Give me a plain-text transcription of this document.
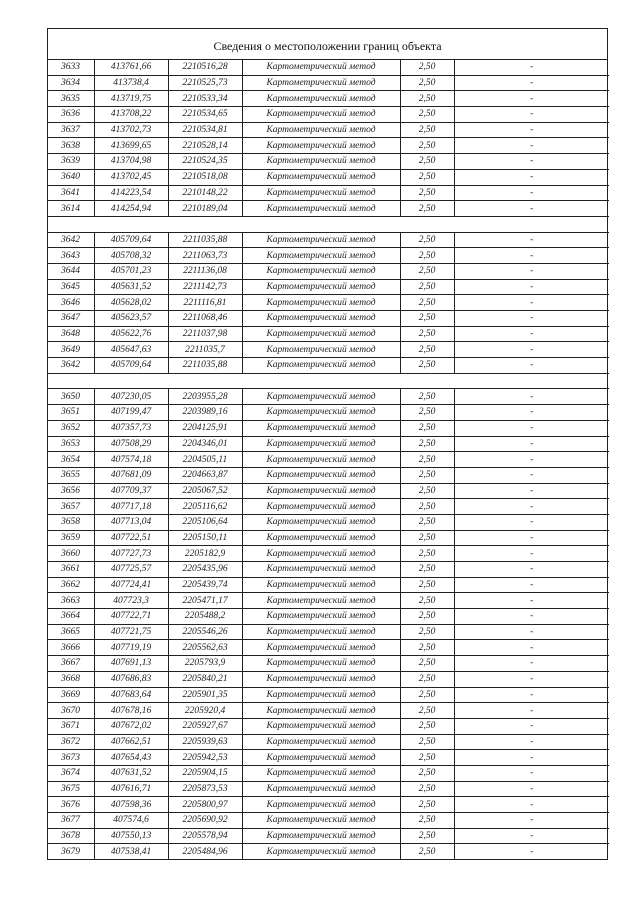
Сведения о местоположении границ объекта
3633	413761,66	2210516,28	Картометрический метод	2,50	-
3634	413738,4	2210525,73	Картометрический метод	2,50	-
3635	413719,75	2210533,34	Картометрический метод	2,50	-
3636	413708,22	2210534,65	Картометрический метод	2,50	-
3637	413702,73	2210534,81	Картометрический метод	2,50	-
3638	413699,65	2210528,14	Картометрический метод	2,50	-
3639	413704,98	2210524,35	Картометрический метод	2,50	-
3640	413702,45	2210518,08	Картометрический метод	2,50	-
3641	414223,54	2210148,22	Картометрический метод	2,50	-
3614	414254,94	2210189,04	Картометрический метод	2,50	-

3642	405709,64	2211035,88	Картометрический метод	2,50	-
3643	405708,32	2211063,73	Картометрический метод	2,50	-
3644	405701,23	2211136,08	Картометрический метод	2,50	-
3645	405631,52	2211142,73	Картометрический метод	2,50	-
3646	405628,02	2211116,81	Картометрический метод	2,50	-
3647	405623,57	2211068,46	Картометрический метод	2,50	-
3648	405622,76	2211037,98	Картометрический метод	2,50	-
3649	405647,63	2211035,7	Картометрический метод	2,50	-
3642	405709,64	2211035,88	Картометрический метод	2,50	-

3650	407230,05	2203955,28	Картометрический метод	2,50	-
3651	407199,47	2203989,16	Картометрический метод	2,50	-
3652	407357,73	2204125,91	Картометрический метод	2,50	-
3653	407508,29	2204346,01	Картометрический метод	2,50	-
3654	407574,18	2204505,11	Картометрический метод	2,50	-
3655	407681,09	2204663,87	Картометрический метод	2,50	-
3656	407709,37	2205067,52	Картометрический метод	2,50	-
3657	407717,18	2205116,62	Картометрический метод	2,50	-
3658	407713,04	2205106,64	Картометрический метод	2,50	-
3659	407722,51	2205150,11	Картометрический метод	2,50	-
3660	407727,73	2205182,9	Картометрический метод	2,50	-
3661	407725,57	2205435,96	Картометрический метод	2,50	-
3662	407724,41	2205439,74	Картометрический метод	2,50	-
3663	407723,3	2205471,17	Картометрический метод	2,50	-
3664	407722,71	2205488,2	Картометрический метод	2,50	-
3665	407721,75	2205546,26	Картометрический метод	2,50	-
3666	407719,19	2205562,63	Картометрический метод	2,50	-
3667	407691,13	2205793,9	Картометрический метод	2,50	-
3668	407686,83	2205840,21	Картометрический метод	2,50	-
3669	407683,64	2205901,35	Картометрический метод	2,50	-
3670	407678,16	2205920,4	Картометрический метод	2,50	-
3671	407672,02	2205927,67	Картометрический метод	2,50	-
3672	407662,51	2205939,63	Картометрический метод	2,50	-
3673	407654,43	2205942,53	Картометрический метод	2,50	-
3674	407631,52	2205904,15	Картометрический метод	2,50	-
3675	407616,71	2205873,53	Картометрический метод	2,50	-
3676	407598,36	2205800,97	Картометрический метод	2,50	-
3677	407574,6	2205690,92	Картометрический метод	2,50	-
3678	407550,13	2205578,94	Картометрический метод	2,50	-
3679	407538,41	2205484,96	Картометрический метод	2,50	-
